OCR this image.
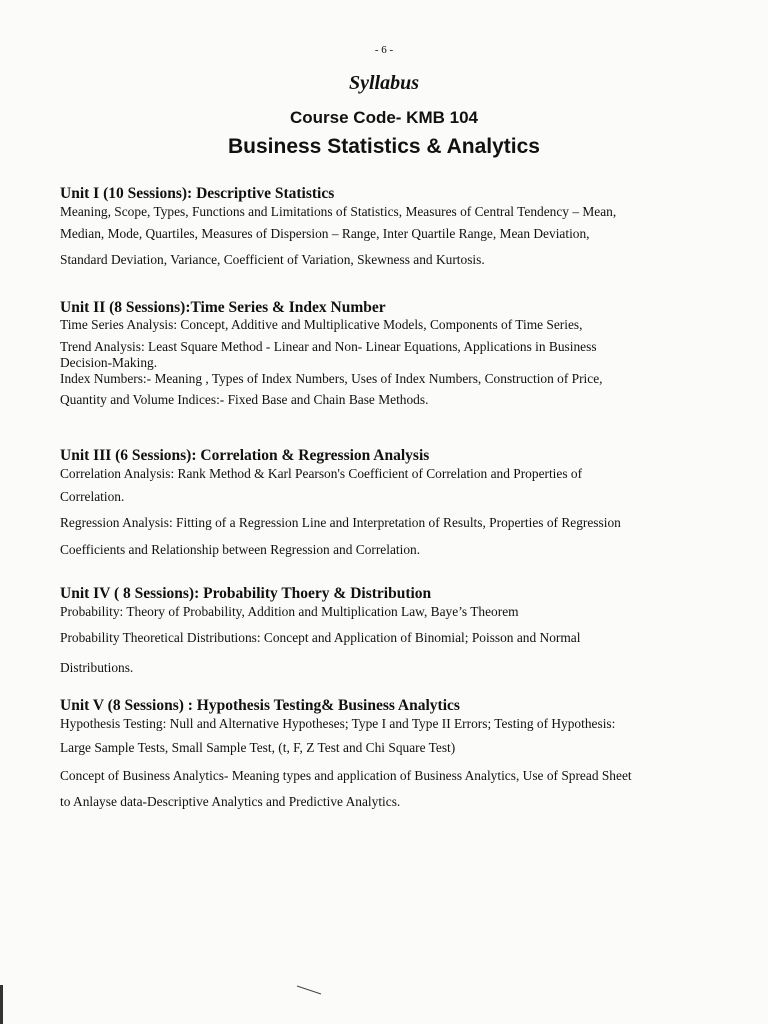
- 6 -
Syllabus
Course Code- KMB 104
Business Statistics & Analytics
Unit I (10 Sessions): Descriptive Statistics

Meaning, Scope, Types, Functions and Limitations of Statistics, Measures of Central Tendency – Mean,

Median, Mode, Quartiles, Measures of Dispersion – Range, Inter Quartile Range, Mean Deviation,

Standard Deviation, Variance, Coefficient of Variation, Skewness and Kurtosis.

Unit II (8 Sessions):Time Series & Index Number

Time Series Analysis: Concept, Additive and Multiplicative Models, Components of Time Series,

Trend Analysis: Least Square Method - Linear and Non- Linear Equations, Applications in Business

Decision-Making.

Index Numbers:- Meaning , Types of Index Numbers, Uses of Index Numbers, Construction of Price,

Quantity and Volume Indices:- Fixed Base and Chain Base Methods.

Unit III (6 Sessions): Correlation & Regression Analysis

Correlation Analysis: Rank Method & Karl Pearson's Coefficient of Correlation and Properties of

Correlation.

Regression Analysis: Fitting of a Regression Line and Interpretation of Results, Properties of Regression

Coefficients and Relationship between Regression and Correlation.

Unit IV ( 8 Sessions): Probability Thoery & Distribution

Probability: Theory of Probability, Addition and Multiplication Law, Baye’s Theorem

Probability Theoretical Distributions: Concept and Application of Binomial; Poisson and Normal

Distributions.

Unit V (8 Sessions) : Hypothesis Testing& Business Analytics

Hypothesis Testing: Null and Alternative Hypotheses; Type I and Type II Errors; Testing of Hypothesis:

Large Sample Tests, Small Sample Test, (t, F, Z Test and Chi Square Test)

Concept of Business Analytics- Meaning types and application of Business Analytics, Use of Spread Sheet

to Anlayse data-Descriptive Analytics and Predictive Analytics.
